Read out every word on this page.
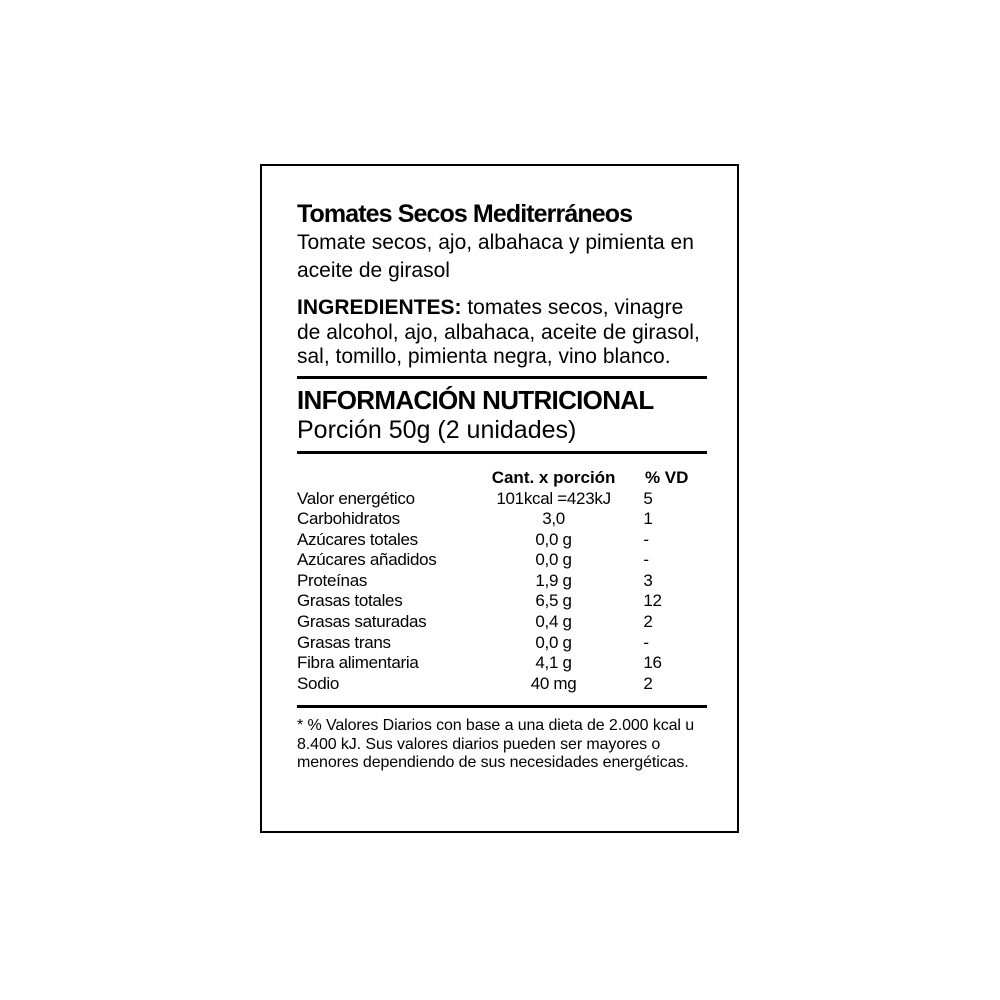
Tomates Secos Mediterráneos
Tomate secos, ajo, albahaca y pimienta en aceite de girasol
INGREDIENTES: tomates secos, vinagre de alcohol, ajo, albahaca, aceite de girasol, sal, tomillo, pimienta negra, vino blanco.
INFORMACIÓN NUTRICIONAL
Porción 50g (2 unidades)
	Cant. x porción	% VD
Valor energético	101kcal =423kJ	5
Carbohidratos	3,0	1
Azúcares totales	0,0 g	-
Azúcares añadidos	0,0 g	-
Proteínas	1,9 g	3
Grasas totales	6,5 g	12
Grasas saturadas	0,4 g	2
Grasas trans	0,0 g	-
Fibra alimentaria	4,1 g	16
Sodio	40 mg	2
* % Valores Diarios con base a una dieta de 2.000 kcal u 8.400 kJ. Sus valores diarios pueden ser mayores o menores dependiendo de sus necesidades energéticas.
